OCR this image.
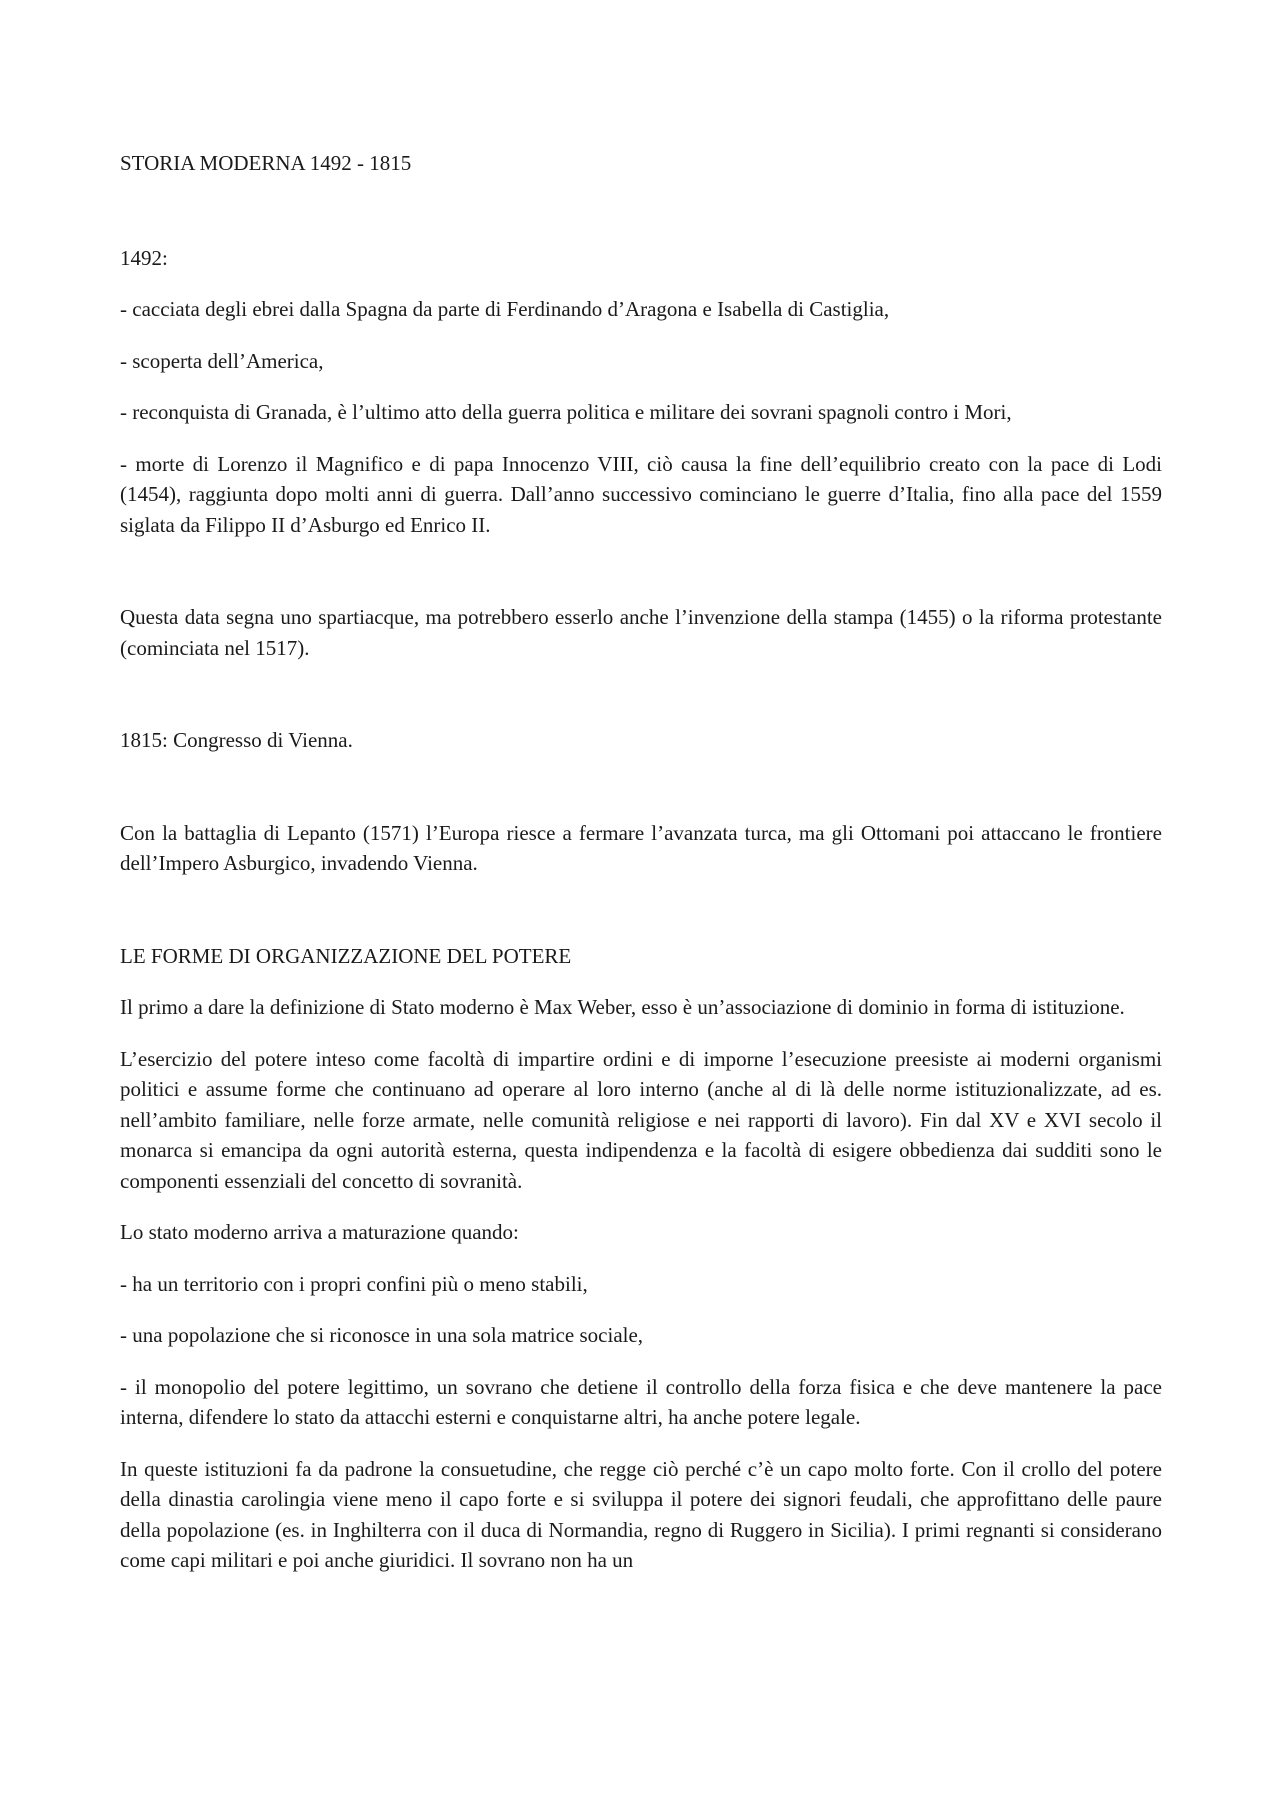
STORIA MODERNA 1492 - 1815

1492:

- cacciata degli ebrei dalla Spagna da parte di Ferdinando d’Aragona e Isabella di Castiglia,

- scoperta dell’America,

- reconquista di Granada, è l’ultimo atto della guerra politica e militare dei sovrani spagnoli contro i Mori,

- morte di Lorenzo il Magnifico e di papa Innocenzo VIII, ciò causa la fine dell’equilibrio creato con la pace di Lodi (1454), raggiunta dopo molti anni di guerra. Dall’anno successivo cominciano le guerre d’Italia, fino alla pace del 1559 siglata da Filippo II d’Asburgo ed Enrico II.

Questa data segna uno spartiacque, ma potrebbero esserlo anche l’invenzione della stampa (1455) o la riforma protestante (cominciata nel 1517).

1815: Congresso di Vienna.

Con la battaglia di Lepanto (1571) l’Europa riesce a fermare l’avanzata turca, ma gli Ottomani poi attaccano le frontiere dell’Impero Asburgico, invadendo Vienna.

LE FORME DI ORGANIZZAZIONE DEL POTERE

Il primo a dare la definizione di Stato moderno è Max Weber, esso è un’associazione di dominio in forma di istituzione.

L’esercizio del potere inteso come facoltà di impartire ordini e di imporne l’esecuzione preesiste ai moderni organismi politici e assume forme che continuano ad operare al loro interno (anche al di là delle norme istituzionalizzate, ad es. nell’ambito familiare, nelle forze armate, nelle comunità religiose e nei rapporti di lavoro). Fin dal XV e XVI secolo il monarca si emancipa da ogni autorità esterna, questa indipendenza e la facoltà di esigere obbedienza dai sudditi sono le componenti essenziali del concetto di sovranità.

Lo stato moderno arriva a maturazione quando:

- ha un territorio con i propri confini più o meno stabili,

- una popolazione che si riconosce in una sola matrice sociale,

- il monopolio del potere legittimo, un sovrano che detiene il controllo della forza fisica e che deve mantenere la pace interna, difendere lo stato da attacchi esterni e conquistarne altri, ha anche potere legale.

In queste istituzioni fa da padrone la consuetudine, che regge ciò perché c’è un capo molto forte. Con il crollo del potere della dinastia carolingia viene meno il capo forte e si sviluppa il potere dei signori feudali, che approfittano delle paure della popolazione (es. in Inghilterra con il duca di Normandia, regno di Ruggero in Sicilia). I primi regnanti si considerano come capi militari e poi anche giuridici. Il sovrano non ha un
